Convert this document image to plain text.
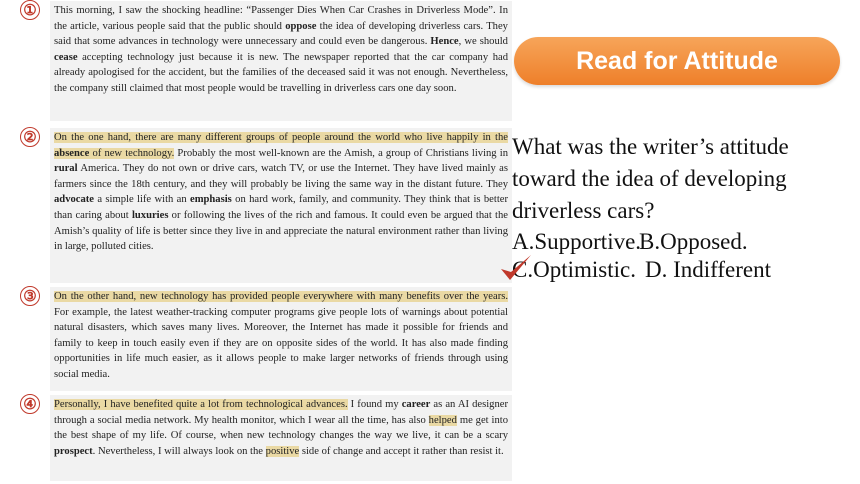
①	This morning, I saw the shocking headline: “Passenger Dies When Car Crashes in Driverless Mode”. In the article, various people said that the public should oppose the idea of developing driverless cars. They said that some advances in technology were unnecessary and could even be dangerous. Hence, we should cease accepting technology just because it is new. The newspaper reported that the car company had already apologised for the accident, but the families of the deceased said it was not enough. Nevertheless, the company still claimed that most people would be travelling in driverless cars one day soon.
②	On the one hand, there are many different groups of people around the world who live happily in the absence of new technology. Probably the most well-known are the Amish, a group of Christians living in rural America. They do not own or drive cars, watch TV, or use the Internet. They have lived mainly as farmers since the 18th century, and they will probably be living the same way in the distant future. They advocate a simple life with an emphasis on hard work, family, and community. They think that is better than caring about luxuries or following the lives of the rich and famous. It could even be argued that the Amish’s quality of life is better since they live in and appreciate the natural environment rather than living in large, polluted cities.
③	On the other hand, new technology has provided people everywhere with many benefits over the years. For example, the latest weather-tracking computer programs give people lots of warnings about potential natural disasters, which saves many lives. Moreover, the Internet has made it possible for friends and family to keep in touch easily even if they are on opposite sides of the world. It has also made finding opportunities in life much easier, as it allows people to make larger networks of friends through using social media.
④	Personally, I have benefited quite a lot from technological advances. I found my career as an AI designer through a social media network. My health monitor, which I wear all the time, has also helped me get into the best shape of my life. Of course, when new technology changes the way we live, it can be a scary prospect. Nevertheless, I will always look on the positive side of change and accept it rather than resist it.
Read for Attitude
What was the writer’s attitude toward the idea of developing driverless cars?
A.Supportive.B.Opposed.
C.Optimistic. D. Indifferent
